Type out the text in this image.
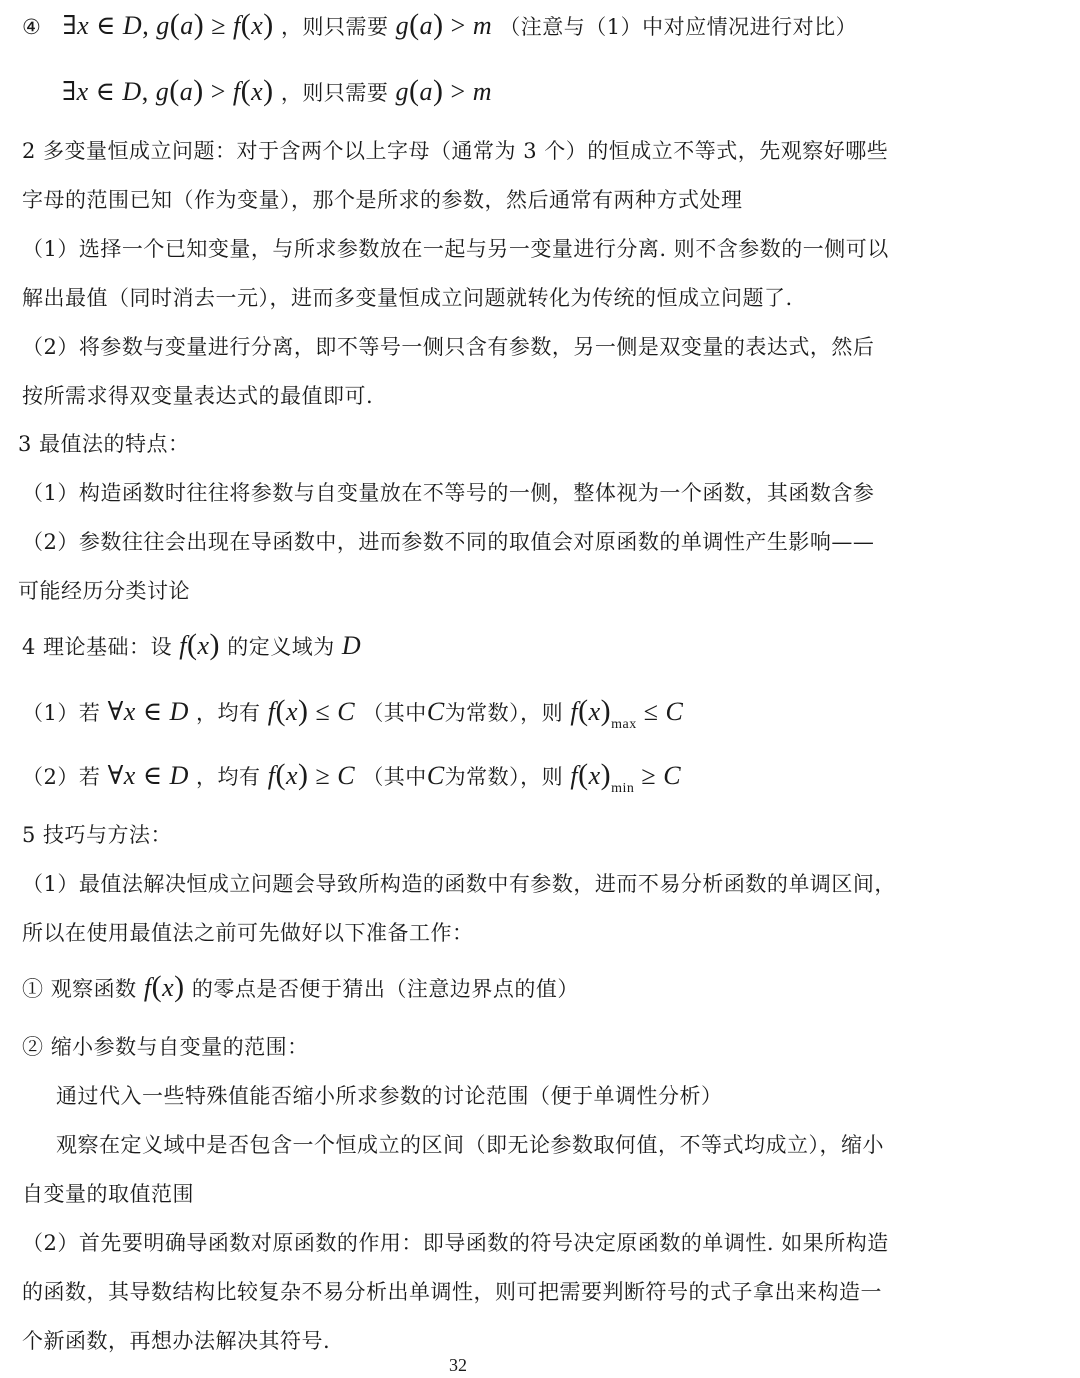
④   ∃x ∈ D, g(a) ≥ f(x) ，则只需要 g(a) > m （注意与（1）中对应情况进行对比）
∃x ∈ D, g(a) > f(x) ，则只需要 g(a) > m
2 多变量恒成立问题：对于含两个以上字母（通常为 3 个）的恒成立不等式，先观察好哪些
字母的范围已知（作为变量），那个是所求的参数，然后通常有两种方式处理
（1）选择一个已知变量，与所求参数放在一起与另一变量进行分离. 则不含参数的一侧可以
解出最值（同时消去一元），进而多变量恒成立问题就转化为传统的恒成立问题了.
（2）将参数与变量进行分离，即不等号一侧只含有参数，另一侧是双变量的表达式，然后
按所需求得双变量表达式的最值即可.
3 最值法的特点：
（1）构造函数时往往将参数与自变量放在不等号的一侧，整体视为一个函数，其函数含参
（2）参数往往会出现在导函数中，进而参数不同的取值会对原函数的单调性产生影响——
可能经历分类讨论
4 理论基础：设 f(x) 的定义域为 D
（1）若 ∀x ∈ D ，均有 f(x) ≤ C （其中C为常数），则 $f(x)_{max} \le C$
（2）若 ∀x ∈ D ，均有 f(x) ≥ C （其中C为常数），则 $f(x)_{min} \ge C$
5 技巧与方法：
（1）最值法解决恒成立问题会导致所构造的函数中有参数，进而不易分析函数的单调区间，
所以在使用最值法之前可先做好以下准备工作：
① 观察函数 f(x) 的零点是否便于猜出（注意边界点的值）
② 缩小参数与自变量的范围：
通过代入一些特殊值能否缩小所求参数的讨论范围（便于单调性分析）
观察在定义域中是否包含一个恒成立的区间（即无论参数取何值，不等式均成立），缩小
自变量的取值范围
（2）首先要明确导函数对原函数的作用：即导函数的符号决定原函数的单调性. 如果所构造
的函数，其导数结构比较复杂不易分析出单调性，则可把需要判断符号的式子拿出来构造一
个新函数，再想办法解决其符号.
32
